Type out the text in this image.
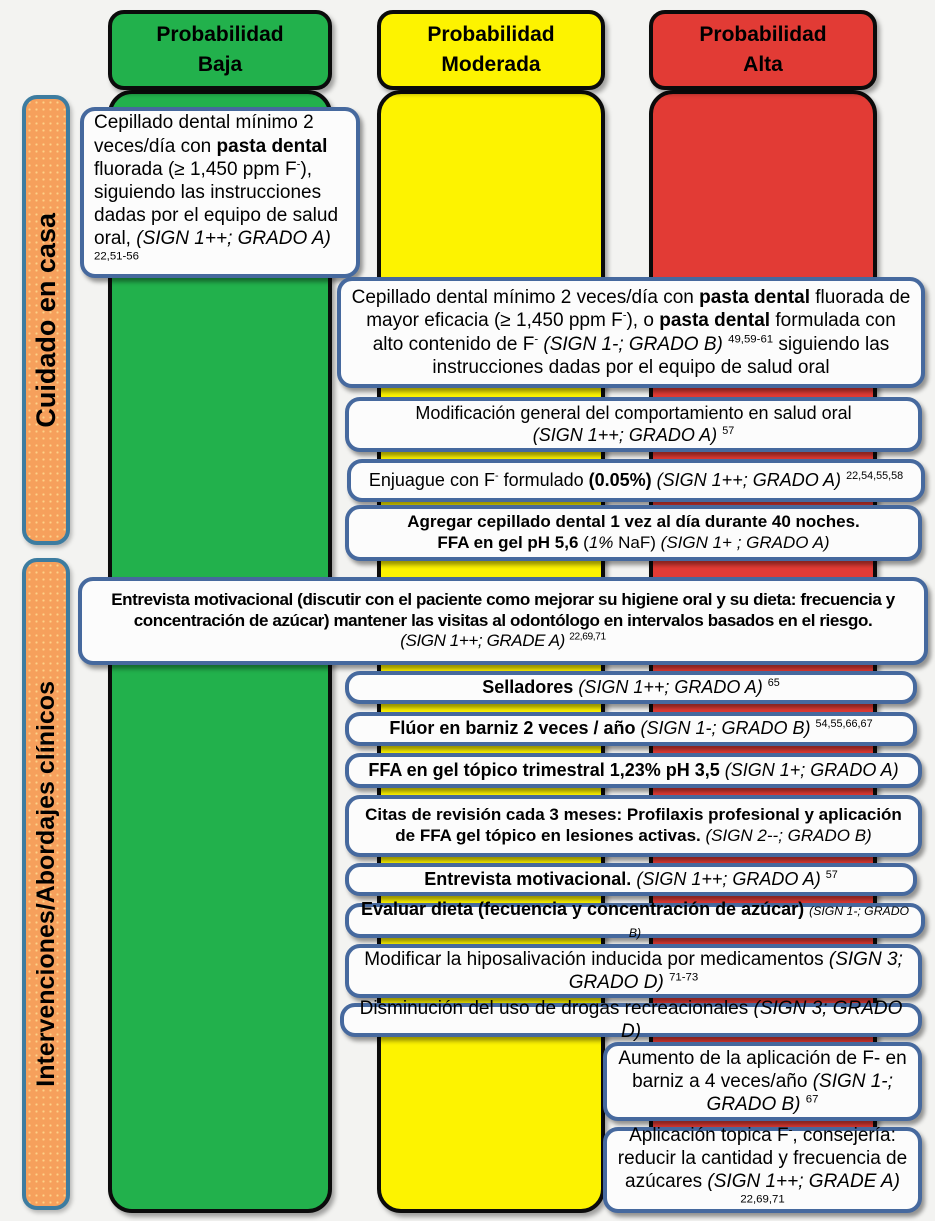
Probabilidad
Baja
Probabilidad
Moderada
Probabilidad
Alta
Cuidado en casa
Intervenciones/Abordajes clínicos
Cepillado dental mínimo 2 veces/día con pasta dental fluorada (≥ 1,450 ppm F-), siguiendo las instrucciones dadas por el equipo de salud oral, (SIGN 1++; GRADO A) $^{22,51-56}$
Cepillado dental mínimo 2 veces/día con pasta dental fluorada de mayor eficacia (≥ 1,450 ppm F-), o pasta dental formulada con alto contenido de F- (SIGN 1-; GRADO B) $^{49,59-61}$ siguiendo las instrucciones dadas por el equipo de salud oral
Modificación general del comportamiento en salud oral
(SIGN 1++; GRADO A) $^{57}$
Enjuague con F- formulado (0.05%) (SIGN 1++; GRADO A) $^{22,54,55,58}$
Agregar cepillado dental 1 vez al día durante 40 noches.
FFA en gel pH 5,6 (1% NaF) (SIGN 1+ ; GRADO A)
Entrevista motivacional (discutir con el paciente como mejorar su higiene oral y su dieta: frecuencia y concentración de azúcar) mantener las visitas al odontólogo en intervalos basados en el riesgo.
(SIGN 1++; GRADE A) $^{22,69,71}$
Selladores (SIGN 1++; GRADO A) $^{65}$
Flúor en barniz 2 veces / año (SIGN 1-; GRADO B) $^{54,55,66,67}$
FFA en gel tópico trimestral 1,23% pH 3,5 (SIGN 1+; GRADO A)
Citas de revisión cada 3 meses: Profilaxis profesional y aplicación de FFA gel tópico en lesiones activas. (SIGN 2--; GRADO B)
Entrevista motivacional. (SIGN 1++; GRADO A) $^{57}$
Evaluar dieta (fecuencia y concentración de azúcar) (SIGN 1-; GRADO B)
Modificar la hiposalivación inducida por medicamentos (SIGN 3; GRADO D) $^{71-73}$
Disminución del uso de drogas recreacionales (SIGN 3; GRADO D)
Aumento de la aplicación de F- en barniz a 4 veces/año (SIGN 1-; GRADO B) $^{67}$
Aplicación topica F-, consejería: reducir la cantidad y frecuencia de azúcares (SIGN 1++; GRADE A) $^{22,69,71}$
